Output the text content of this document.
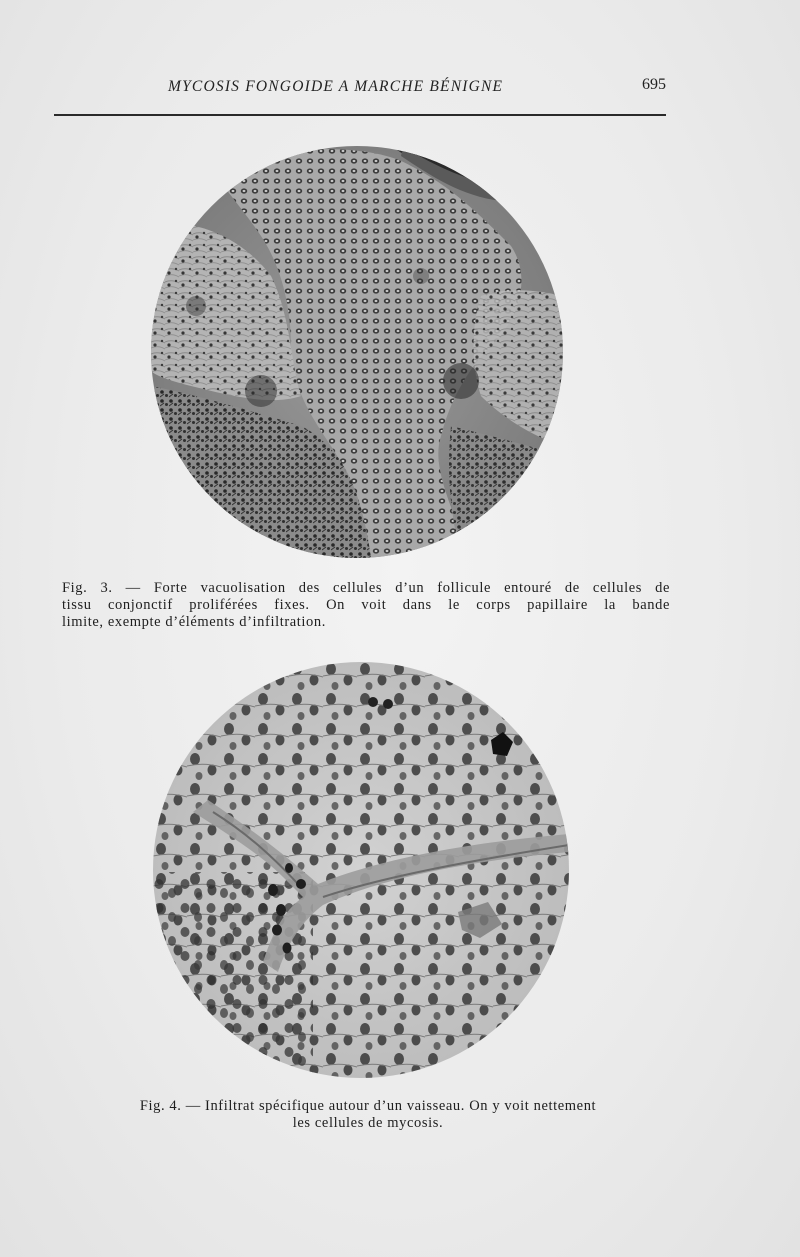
MYCOSIS FONGOIDE A MARCHE BÉNIGNE	695
Fig. 3. — Forte vacuolisation des cellules d’un follicule entouré de cellules de
tissu conjonctif proliférées fixes. On voit dans le corps papillaire la bande
limite, exempte d’éléments d’infiltration.
Fig. 4. — Infiltrat spécifique autour d’un vaisseau. On y voit nettement
les cellules de mycosis.
